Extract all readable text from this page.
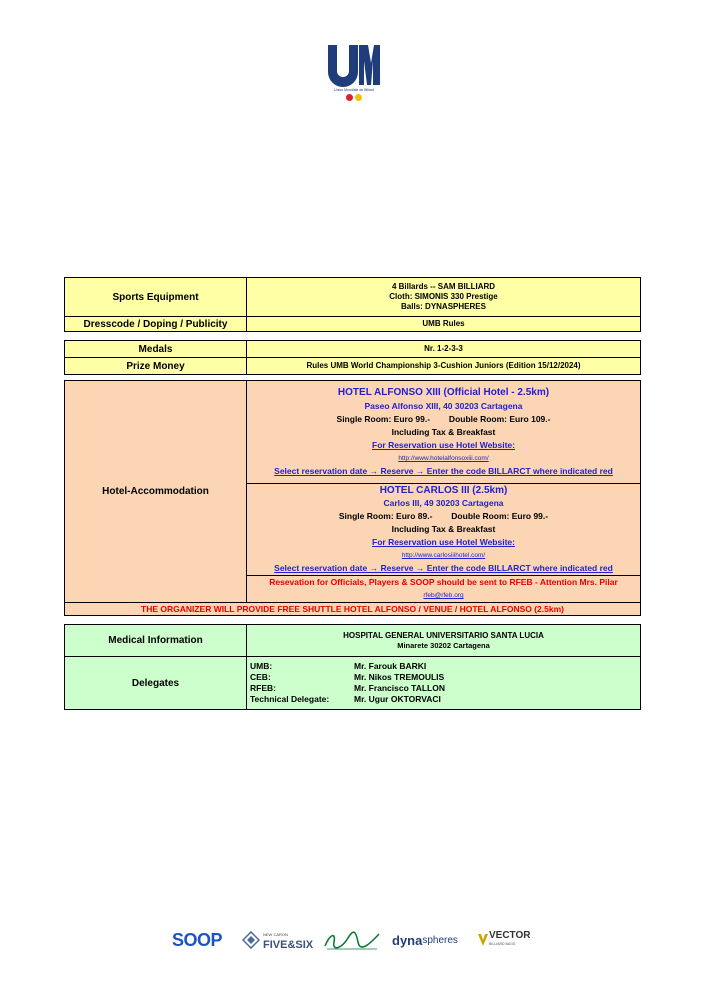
Union Mondiale de Billard
Sports Equipment	4 Billards -- SAM BILLIARD
Cloth: SIMONIS 330 Prestige
Balls: DYNASPHERES

Dresscode / Doping / Publicity	UMB Rules
Medals	Nr. 1-2-3-3
Prize Money	Rules UMB World Championship 3-Cushion Juniors (Edition 15/12/2024)
Hotel-Accommodation	
HOTEL ALFONSO XIII (Official Hotel - 2.5km)
Paseo Alfonso XIII, 40 30203 Cartagena
Single Room: Euro 99.-        Double Room: Euro 109.-
Including Tax & Breakfast
For Reservation use Hotel Website:
http://www.hotelalfonsoxiii.com/
Select reservation date → Reserve → Enter the code BILLARCT where indicated red

HOTEL CARLOS III (2.5km)
Carlos III, 49 30203 Cartagena
Single Room: Euro 89.-        Double Room: Euro 99.-
Including Tax & Breakfast
For Reservation use Hotel Website:
http://www.carlosiiihotel.com/
Select reservation date → Reserve → Enter the code BILLARCT where indicated red

Resevation for Officials, Players & SOOP should be sent to RFEB - Attention Mrs. Pilar
rfeb@rfeb.org

THE ORGANIZER WILL PROVIDE FREE SHUTTLE HOTEL ALFONSO / VENUE / HOTEL ALFONSO (2.5km)
Medical Information	HOSPITAL GENERAL UNIVERSITARIO SANTA LUCIA
Minarete 30202 Cartagena

Delegates	UMB: Mr. Farouk BARKI
CEB: Mr. Nikos TREMOULIS
RFEB: Mr. Francisco TALLON
Technical Delegate: Mr. Ugur OKTORVACI
SOOP	NEW CARON
FIVE&SIX	dyna spheres	VECTOR
BILLIARD BAGS
